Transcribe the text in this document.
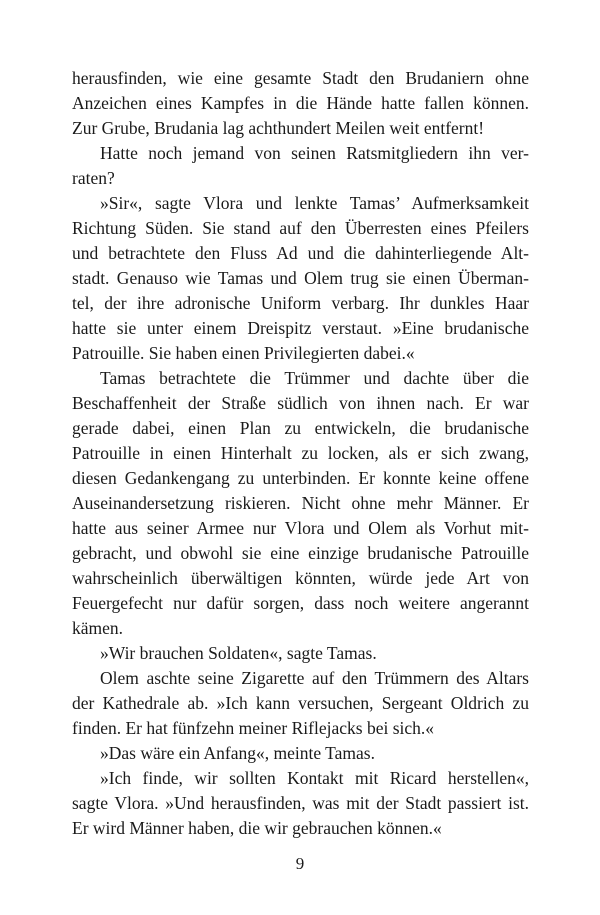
herausfinden, wie eine gesamte Stadt den Brudaniern ohne
Anzeichen eines Kampfes in die Hände hatte fallen können.
Zur Grube, Brudania lag achthundert Meilen weit entfernt!
Hatte noch jemand von seinen Ratsmitgliedern ihn ver-
raten?
»Sir«, sagte Vlora und lenkte Tamas’ Aufmerksamkeit
Richtung Süden. Sie stand auf den Überresten eines Pfeilers
und betrachtete den Fluss Ad und die dahinterliegende Alt-
stadt. Genauso wie Tamas und Olem trug sie einen Überman-
tel, der ihre adronische Uniform verbarg. Ihr dunkles Haar
hatte sie unter einem Dreispitz verstaut. »Eine brudanische
Patrouille. Sie haben einen Privilegierten dabei.«
Tamas betrachtete die Trümmer und dachte über die
Beschaffenheit der Straße südlich von ihnen nach. Er war
gerade dabei, einen Plan zu entwickeln, die brudanische
Patrouille in einen Hinterhalt zu locken, als er sich zwang,
diesen Gedankengang zu unterbinden. Er konnte keine offene
Auseinandersetzung riskieren. Nicht ohne mehr Männer. Er
hatte aus seiner Armee nur Vlora und Olem als Vorhut mit-
gebracht, und obwohl sie eine einzige brudanische Patrouille
wahrscheinlich überwältigen könnten, würde jede Art von
Feuergefecht nur dafür sorgen, dass noch weitere angerannt
kämen.
»Wir brauchen Soldaten«, sagte Tamas.
Olem aschte seine Zigarette auf den Trümmern des Altars
der Kathedrale ab. »Ich kann versuchen, Sergeant Oldrich zu
finden. Er hat fünfzehn meiner Riflejacks bei sich.«
»Das wäre ein Anfang«, meinte Tamas.
»Ich finde, wir sollten Kontakt mit Ricard herstellen«,
sagte Vlora. »Und herausfinden, was mit der Stadt passiert ist.
Er wird Männer haben, die wir gebrauchen können.«
9
